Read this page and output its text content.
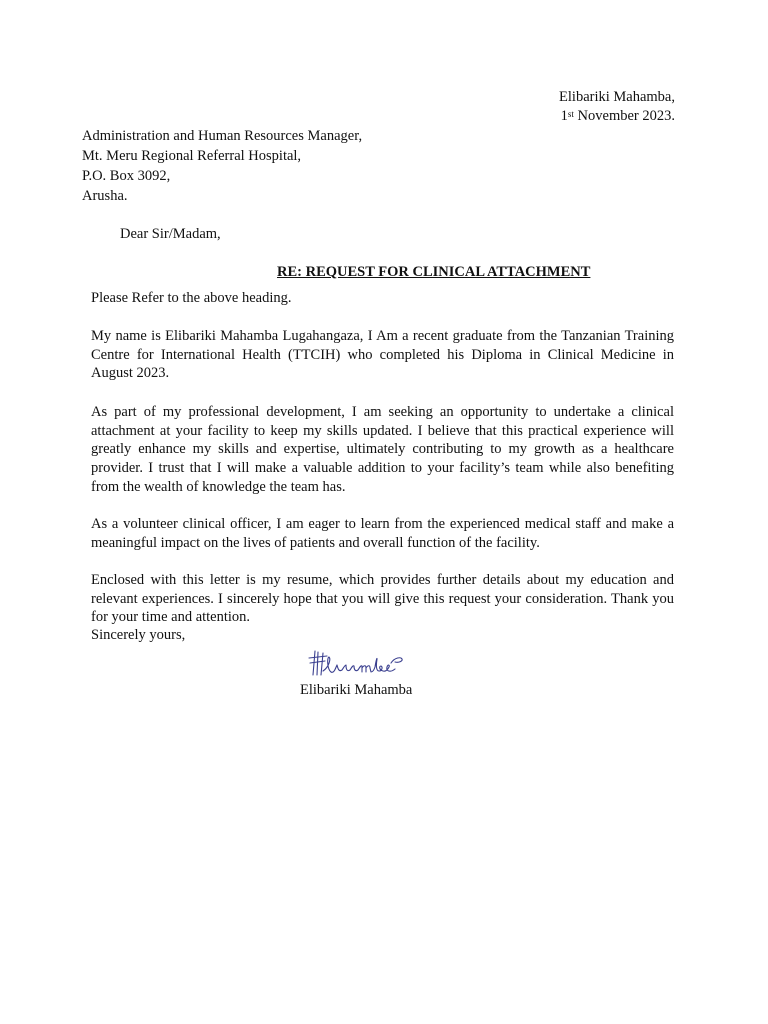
Elibariki Mahamba,
1st November 2023.
Administration and Human Resources Manager,
Mt. Meru Regional Referral Hospital,
P.O. Box 3092,
Arusha.
Dear Sir/Madam,
RE: REQUEST FOR CLINICAL ATTACHMENT

Please Refer to the above heading.

My name is Elibariki Mahamba Lugahangaza, I Am a recent graduate from the Tanzanian Training Centre for International Health (TTCIH) who completed his Diploma in Clinical Medicine in August 2023.

As part of my professional development, I am seeking an opportunity to undertake a clinical attachment at your facility to keep my skills updated. I believe that this practical experience will greatly enhance my skills and expertise, ultimately contributing to my growth as a healthcare provider. I trust that I will make a valuable addition to your facility’s team while also benefiting from the wealth of knowledge the team has.

As a volunteer clinical officer, I am eager to learn from the experienced medical staff and make a meaningful impact on the lives of patients and overall function of the facility.

Enclosed with this letter is my resume, which provides further details about my education and relevant experiences. I sincerely hope that you will give this request your consideration. Thank you for your time and attention.

Sincerely yours,
Elibariki Mahamba
